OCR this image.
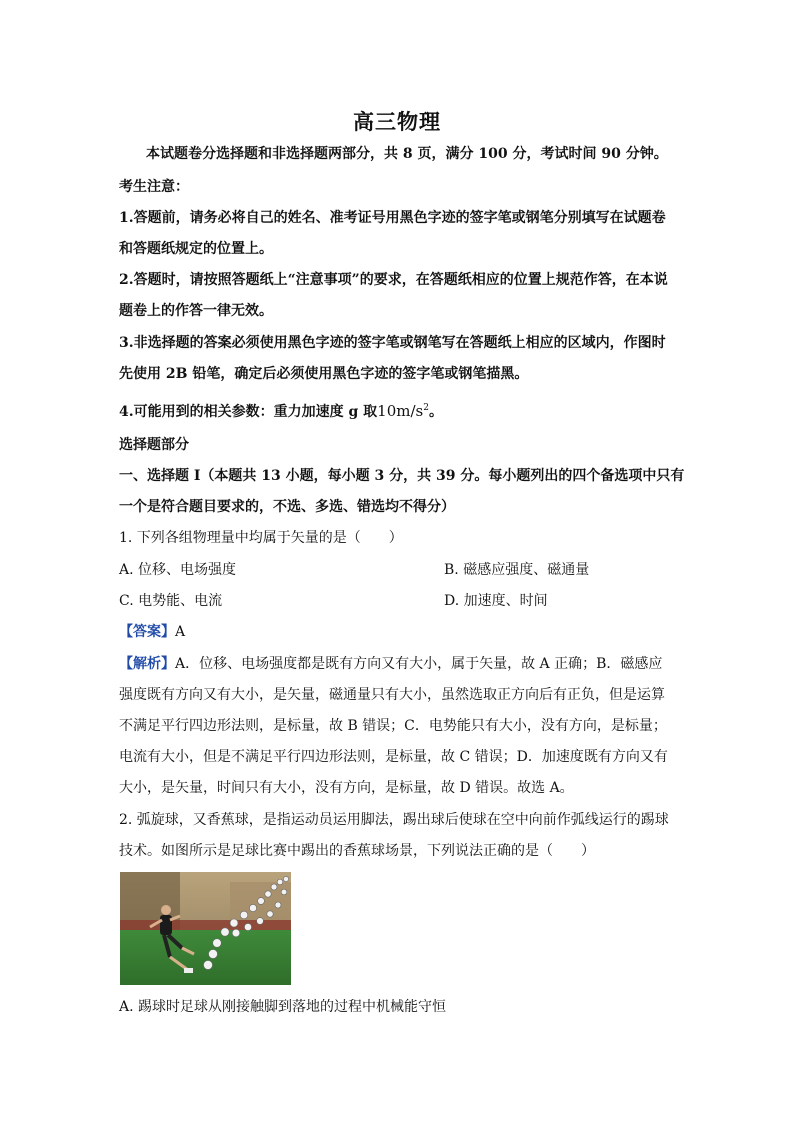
高三物理
本试题卷分选择题和非选择题两部分，共 8 页，满分 100 分，考试时间 90 分钟。
考生注意：
1.答题前，请务必将自己的姓名、准考证号用黑色字迹的签字笔或钢笔分别填写在试题卷
和答题纸规定的位置上。
2.答题时，请按照答题纸上“注意事项”的要求，在答题纸相应的位置上规范作答，在本说
题卷上的作答一律无效。
3.非选择题的答案必须使用黑色字迹的签字笔或钢笔写在答题纸上相应的区域内，作图时
先使用 2B 铅笔，确定后必须使用黑色字迹的签字笔或钢笔描黑。
4.可能用到的相关参数：重力加速度 g 取$10m/s^2$。
选择题部分
一、选择题 I（本题共 13 小题，每小题 3 分，共 39 分。每小题列出的四个备选项中只有
一个是符合题目要求的，不选、多选、错选均不得分）
1. 下列各组物理量中均属于矢量的是（　　）
A. 位移、电场强度	B. 磁感应强度、磁通量
C. 电势能、电流	D. 加速度、时间
【答案】A
【解析】A．位移、电场强度都是既有方向又有大小，属于矢量，故 A 正确；B．磁感应
强度既有方向又有大小，是矢量，磁通量只有大小，虽然选取正方向后有正负，但是运算
不满足平行四边形法则，是标量，故 B 错误；C．电势能只有大小，没有方向，是标量；
电流有大小，但是不满足平行四边形法则，是标量，故 C 错误；D．加速度既有方向又有
大小，是矢量，时间只有大小，没有方向，是标量，故 D 错误。故选 A。
2. 弧旋球，又香蕉球，是指运动员运用脚法，踢出球后使球在空中向前作弧线运行的踢球
技术。如图所示是足球比赛中踢出的香蕉球场景，下列说法正确的是（　　）
A. 踢球时足球从刚接触脚到落地的过程中机械能守恒
